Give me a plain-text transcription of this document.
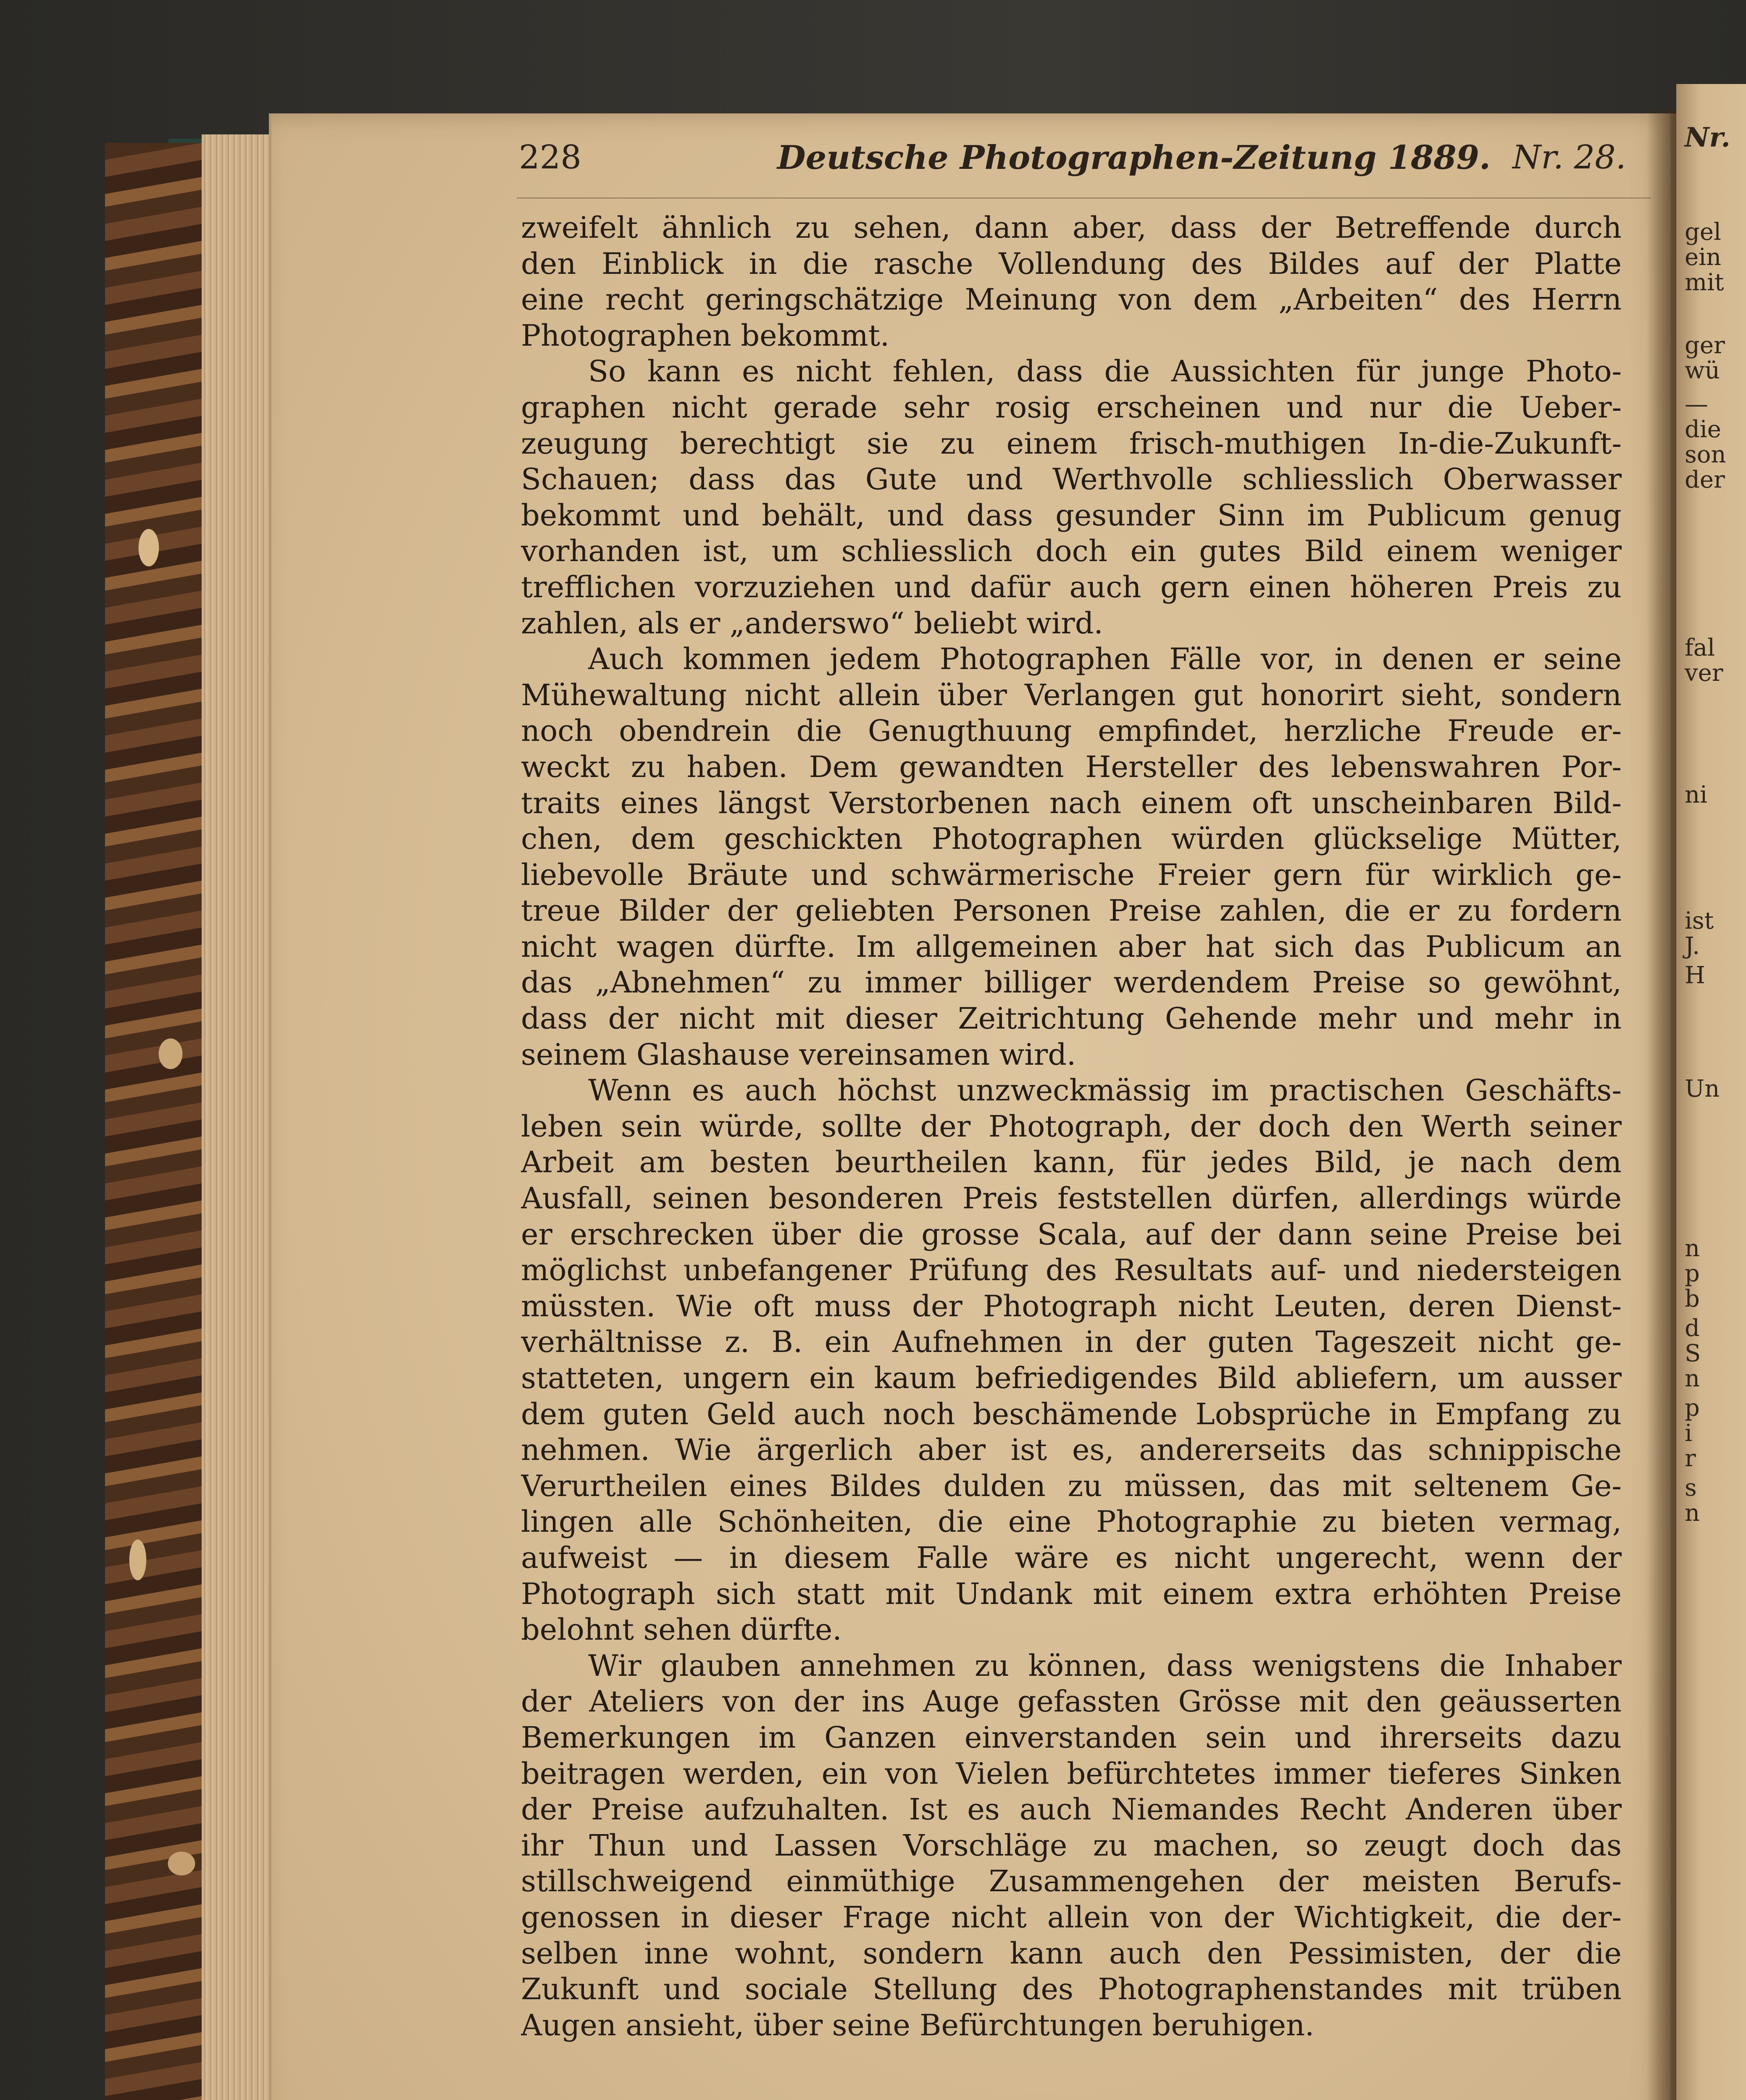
228	Deutsche Photographen-Zeitung 1889. Nr. 28.
zweifelt ähnlich zu sehen, dann aber, dass der Betreffende durch
den Einblick in die rasche Vollendung des Bildes auf der Platte
eine recht geringschätzige Meinung von dem „Arbeiten“ des Herrn
Photographen bekommt.
So kann es nicht fehlen, dass die Aussichten für junge Photo-
graphen nicht gerade sehr rosig erscheinen und nur die Ueber-
zeugung berechtigt sie zu einem frisch-muthigen In-die-Zukunft-
Schauen; dass das Gute und Werthvolle schliesslich Oberwasser
bekommt und behält, und dass gesunder Sinn im Publicum genug
vorhanden ist, um schliesslich doch ein gutes Bild einem weniger
trefflichen vorzuziehen und dafür auch gern einen höheren Preis zu
zahlen, als er „anderswo“ beliebt wird.
Auch kommen jedem Photographen Fälle vor, in denen er seine
Mühewaltung nicht allein über Verlangen gut honorirt sieht, sondern
noch obendrein die Genugthuung empfindet, herzliche Freude er-
weckt zu haben. Dem gewandten Hersteller des lebenswahren Por-
traits eines längst Verstorbenen nach einem oft unscheinbaren Bild-
chen, dem geschickten Photographen würden glückselige Mütter,
liebevolle Bräute und schwärmerische Freier gern für wirklich ge-
treue Bilder der geliebten Personen Preise zahlen, die er zu fordern
nicht wagen dürfte. Im allgemeinen aber hat sich das Publicum an
das „Abnehmen“ zu immer billiger werdendem Preise so gewöhnt,
dass der nicht mit dieser Zeitrichtung Gehende mehr und mehr in
seinem Glashause vereinsamen wird.
Wenn es auch höchst unzweckmässig im practischen Geschäfts-
leben sein würde, sollte der Photograph, der doch den Werth seiner
Arbeit am besten beurtheilen kann, für jedes Bild, je nach dem
Ausfall, seinen besonderen Preis feststellen dürfen, allerdings würde
er erschrecken über die grosse Scala, auf der dann seine Preise bei
möglichst unbefangener Prüfung des Resultats auf- und niedersteigen
müssten. Wie oft muss der Photograph nicht Leuten, deren Dienst-
verhältnisse z. B. ein Aufnehmen in der guten Tageszeit nicht ge-
statteten, ungern ein kaum befriedigendes Bild abliefern, um ausser
dem guten Geld auch noch beschämende Lobsprüche in Empfang zu
nehmen. Wie ärgerlich aber ist es, andererseits das schnippische
Verurtheilen eines Bildes dulden zu müssen, das mit seltenem Ge-
lingen alle Schönheiten, die eine Photographie zu bieten vermag,
aufweist — in diesem Falle wäre es nicht ungerecht, wenn der
Photograph sich statt mit Undank mit einem extra erhöhten Preise
belohnt sehen dürfte.
Wir glauben annehmen zu können, dass wenigstens die Inhaber
der Ateliers von der ins Auge gefassten Grösse mit den geäusserten
Bemerkungen im Ganzen einverstanden sein und ihrerseits dazu
beitragen werden, ein von Vielen befürchtetes immer tieferes Sinken
der Preise aufzuhalten. Ist es auch Niemandes Recht Anderen über
ihr Thun und Lassen Vorschläge zu machen, so zeugt doch das
stillschweigend einmüthige Zusammengehen der meisten Berufs-
genossen in dieser Frage nicht allein von der Wichtigkeit, die der-
selben inne wohnt, sondern kann auch den Pessimisten, der die
Zukunft und sociale Stellung des Photographenstandes mit trüben
Augen ansieht, über seine Befürchtungen beruhigen.
Nr.
gel
ein
mit
ger
wü
—
die
son
der
fal
ver
ni
ist
J.
H
Un
n
p
b
d
S
n
p
i
r
s
n
